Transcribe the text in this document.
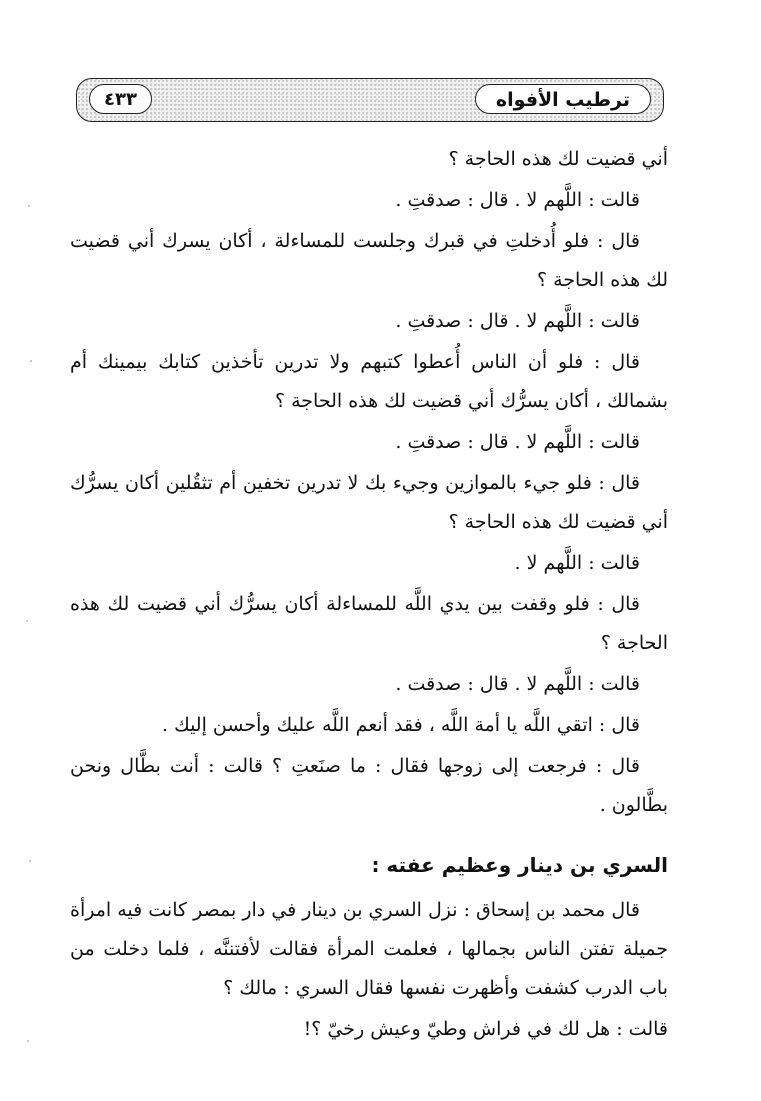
ترطيب الأفواه
٤٣٣

أني قضيت لك هذه الحاجة ؟

قالت : اللَّهم لا . قال : صدقتِ .

قال : فلو أُدخلتِ في قبرك وجلست للمساءلة ، أكان يسرك أني قضيت لك هذه الحاجة ؟

قالت : اللَّهم لا . قال : صدقتِ .

قال : فلو أن الناس أُعطوا كتبهم ولا تدرين تأخذين كتابك بيمينك أم بشمالك ، أكان يسرُّك أني قضيت لك هذه الحاجة ؟

قالت : اللَّهم لا . قال : صدقتِ .

قال : فلو جيء بالموازين وجيء بك لا تدرين تخفين أم تثقُلين أكان يسرُّك أني قضيت لك هذه الحاجة ؟

قالت : اللَّهم لا .

قال : فلو وقفت بين يدي اللَّه للمساءلة أكان يسرُّك أني قضيت لك هذه الحاجة ؟

قالت : اللَّهم لا . قال : صدقت .

قال : اتقي اللَّه يا أمة اللَّه ، فقد أنعم اللَّه عليك وأحسن إليك .

قال : فرجعت إلى زوجها فقال : ما صنَعتِ ؟ قالت : أنت بطَّال ونحن بطَّالون .

السري بن دينار وعظيم عفته :

قال محمد بن إسحاق : نزل السري بن دينار في دار بمصر كانت فيه امرأة جميلة تفتن الناس بجمالها ، فعلمت المرأة فقالت لأفتننَّه ، فلما دخلت من باب الدرب كشفت وأظهرت نفسها فقال السري : مالك ؟

قالت : هل لك في فراش وطيّ وعيش رخيّ ؟!
